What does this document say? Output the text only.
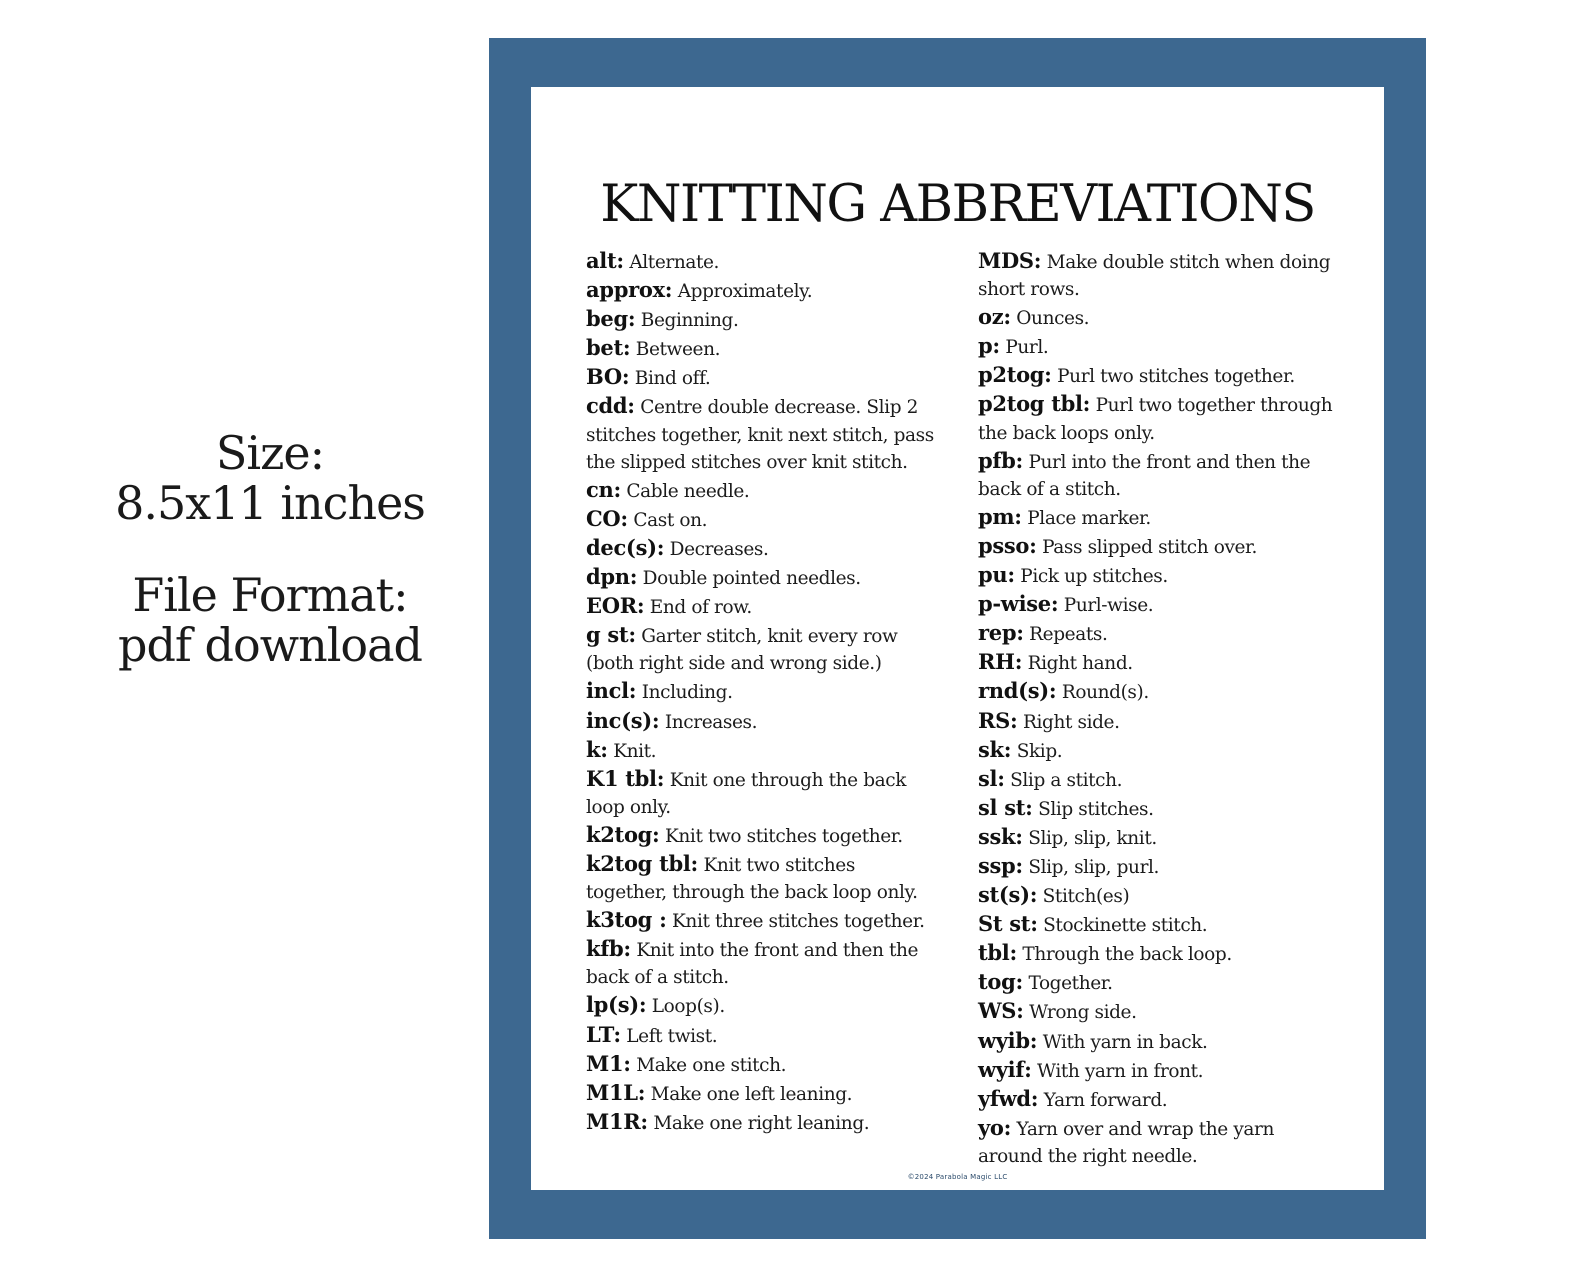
Size:
8.5x11 inches
File Format:
pdf download
KNITTING ABBREVIATIONS
alt: Alternate.
approx: Approximately.
beg: Beginning.
bet: Between.
BO: Bind off.
cdd: Centre double decrease. Slip 2 stitches together, knit next stitch, pass the slipped stitches over knit stitch.
cn: Cable needle.
CO: Cast on.
dec(s): Decreases.
dpn: Double pointed needles.
EOR: End of row.
g st: Garter stitch, knit every row (both right side and wrong side.)
incl: Including.
inc(s): Increases.
k: Knit.
K1 tbl: Knit one through the back loop only.
k2tog: Knit two stitches together.
k2tog tbl: Knit two stitches together, through the back loop only.
k3tog : Knit three stitches together.
kfb: Knit into the front and then the back of a stitch.
lp(s): Loop(s).
LT: Left twist.
M1: Make one stitch.
M1L: Make one left leaning.
M1R: Make one right leaning.
MDS: Make double stitch when doing short rows.
oz: Ounces.
p: Purl.
p2tog: Purl two stitches together.
p2tog tbl: Purl two together through the back loops only.
pfb: Purl into the front and then the back of a stitch.
pm: Place marker.
psso: Pass slipped stitch over.
pu: Pick up stitches.
p-wise: Purl-wise.
rep: Repeats.
RH: Right hand.
rnd(s): Round(s).
RS: Right side.
sk: Skip.
sl: Slip a stitch.
sl st: Slip stitches.
ssk: Slip, slip, knit.
ssp: Slip, slip, purl.
st(s): Stitch(es)
St st: Stockinette stitch.
tbl: Through the back loop.
tog: Together.
WS: Wrong side.
wyib: With yarn in back.
wyif: With yarn in front.
yfwd: Yarn forward.
yo: Yarn over and wrap the yarn around the right needle.
©2024 Parabola Magic LLC
